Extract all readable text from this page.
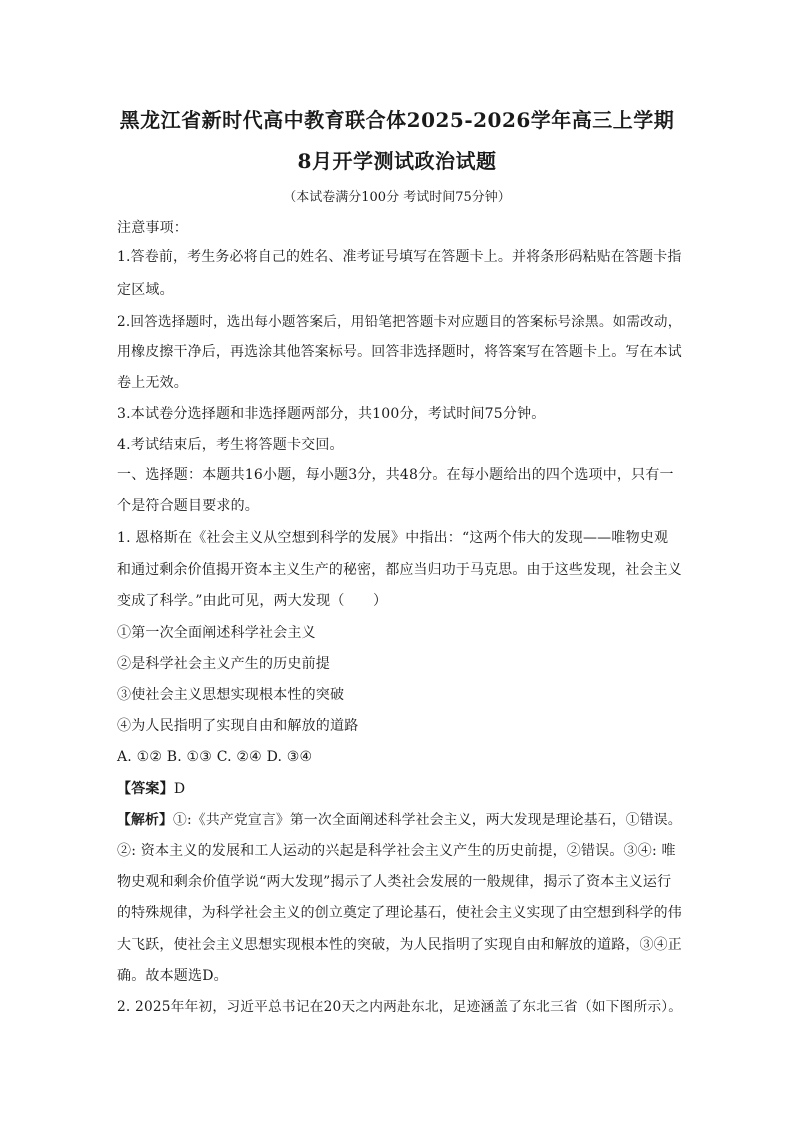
黑龙江省新时代高中教育联合体2025-2026学年高三上学期
8月开学测试政治试题
（本试卷满分100分 考试时间75分钟）
注意事项：
1.答卷前，考生务必将自己的姓名、准考证号填写在答题卡上。并将条形码粘贴在答题卡指
定区域。
2.回答选择题时，选出每小题答案后，用铅笔把答题卡对应题目的答案标号涂黑。如需改动，
用橡皮擦干净后，再选涂其他答案标号。回答非选择题时，将答案写在答题卡上。写在本试
卷上无效。
3.本试卷分选择题和非选择题两部分，共100分，考试时间75分钟。
4.考试结束后，考生将答题卡交回。
一、选择题：本题共16小题，每小题3分，共48分。在每小题给出的四个选项中，只有一
个是符合题目要求的。
1. 恩格斯在《社会主义从空想到科学的发展》中指出：“这两个伟大的发现——唯物史观
和通过剩余价值揭开资本主义生产的秘密，都应当归功于马克思。由于这些发现，社会主义
变成了科学。”由此可见，两大发现（　　）
①第一次全面阐述科学社会主义
②是科学社会主义产生的历史前提
③使社会主义思想实现根本性的突破
④为人民指明了实现自由和解放的道路
A. ①② B. ①③ C. ②④ D. ③④
【答案】D
【解析】①:《共产党宣言》第一次全面阐述科学社会主义，两大发现是理论基石，①错误。
②: 资本主义的发展和工人运动的兴起是科学社会主义产生的历史前提，②错误。③④: 唯
物史观和剩余价值学说“两大发现”揭示了人类社会发展的一般规律，揭示了资本主义运行
的特殊规律，为科学社会主义的创立奠定了理论基石，使社会主义实现了由空想到科学的伟
大飞跃，使社会主义思想实现根本性的突破，为人民指明了实现自由和解放的道路，③④正
确。故本题选D。
2. 2025年年初，习近平总书记在20天之内两赴东北，足迹涵盖了东北三省（如下图所示）。
